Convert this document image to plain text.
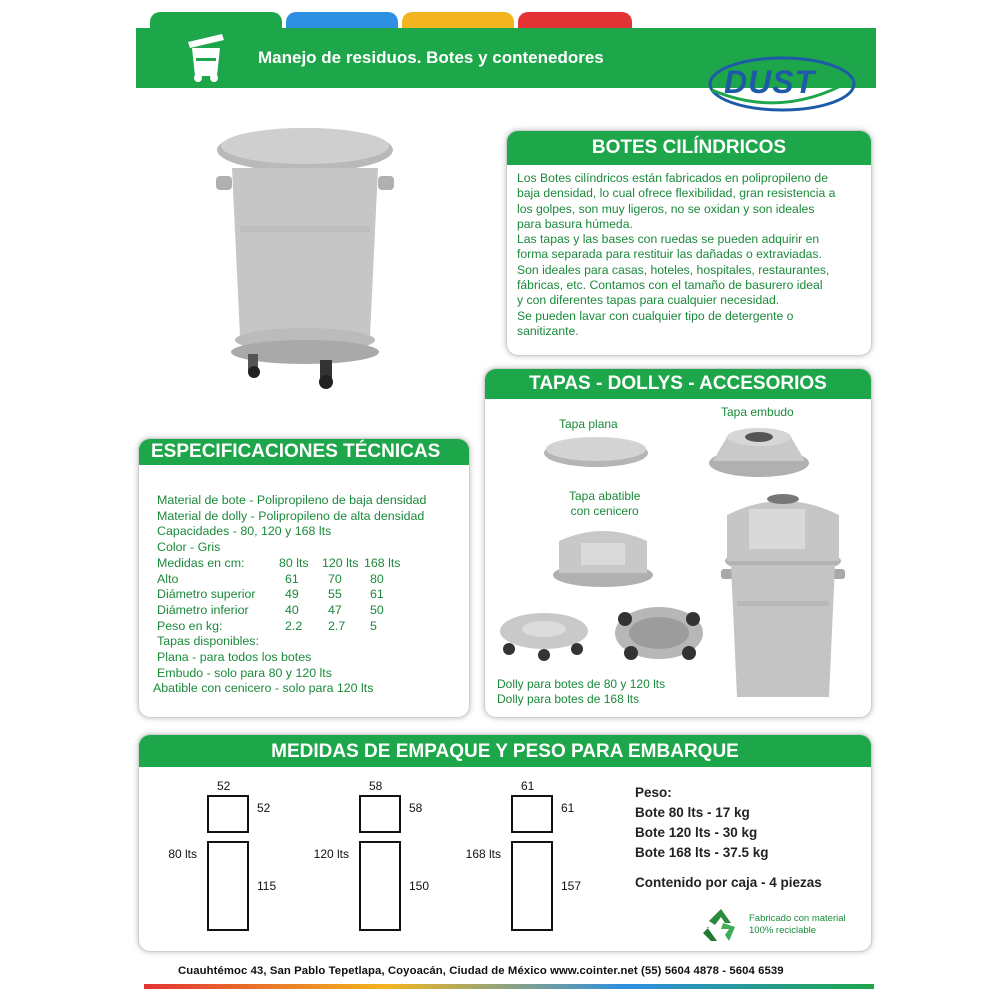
Manejo de residuos. Botes y contenedores
DUST
BOTES CILÍNDRICOS
Los Botes cilíndricos están fabricados en polipropileno de
baja densidad, lo cual ofrece flexibilidad, gran resistencia a
los golpes, son muy ligeros, no se oxidan y son ideales
para basura húmeda.
Las tapas y las bases con ruedas se pueden adquirir en
forma separada para restituir las dañadas o extraviadas.
Son ideales para casas, hoteles, hospitales, restaurantes,
fábricas, etc. Contamos con el tamaño de basurero ideal
y con diferentes tapas para cualquier necesidad.
Se pueden lavar con cualquier tipo de detergente o
sanitizante.
TAPAS - DOLLYS - ACCESORIOS
Tapa plana
Tapa embudo
Tapa abatible
con cenicero
Dolly para botes de 80 y 120 lts
Dolly para botes de 168 lts
ESPECIFICACIONES TÉCNICAS
Material de bote - Polipropileno de baja densidad
Material de dolly - Polipropileno de alta densidad
Capacidades - 80, 120 y 168 lts
Color - Gris
Medidas en cm:	80 lts	120 lts 168 lts
Alto	61	70	80
Diámetro superior	49	55	61
Diámetro inferior	40	47	50
Peso en kg:	2.2	2.7	5
Tapas disponibles:
Plana - para todos los botes
Embudo - solo para 80 y 120 lts
Abatible con cenicero - solo para 120 lts
MEDIDAS DE EMPAQUE Y PESO PARA EMBARQUE
52
52
80 lts
115
58
58
120 lts
150
61
61
168 lts
157
Peso:
Bote 80 lts - 17 kg
Bote 120 lts - 30 kg
Bote 168 lts - 37.5 kg
Contenido por caja - 4 piezas
Fabricado con material
100% reciclable
Cuauhtémoc 43, San Pablo Tepetlapa, Coyoacán, Ciudad de México www.cointer.net (55) 5604 4878 - 5604 6539
